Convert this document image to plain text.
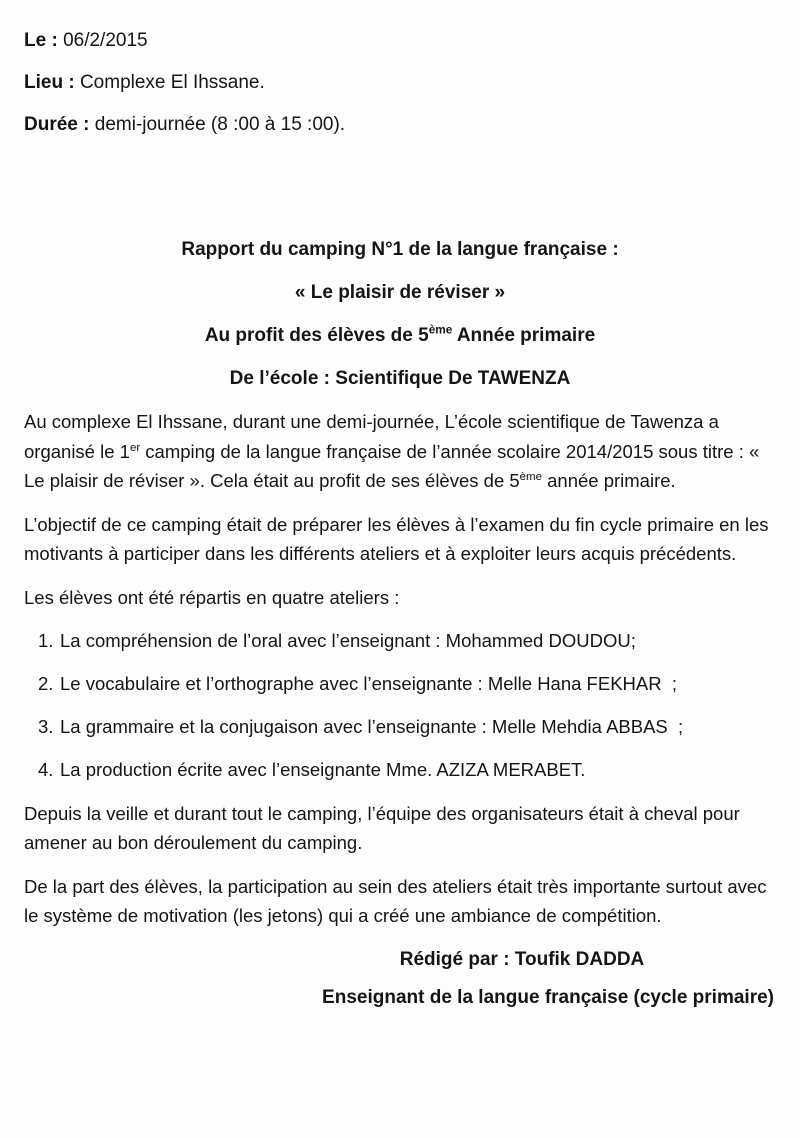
Le : 06/2/2015

Lieu : Complexe El Ihssane.

Durée : demi-journée (8 :00 à 15 :00).

Rapport du camping N°1 de la langue française :

« Le plaisir de réviser »

Au profit des élèves de 5ème Année primaire

De l’école : Scientifique De TAWENZA

Au complexe El Ihssane, durant une demi-journée, L’école scientifique de Tawenza a organisé le 1er camping de la langue française de l’année scolaire 2014/2015 sous titre : « Le plaisir de réviser ». Cela était au profit de ses élèves de 5ème année primaire.

L’objectif de ce camping était de préparer les élèves à l’examen du fin cycle primaire en les motivants à participer dans les différents ateliers et à exploiter leurs acquis précédents.

Les élèves ont été répartis en quatre ateliers :

1. La compréhension de l’oral avec l’enseignant : Mohammed DOUDOU;
2. Le vocabulaire et l’orthographe avec l’enseignante : Melle Hana FEKHAR  ;
3. La grammaire et la conjugaison avec l’enseignante : Melle Mehdia ABBAS  ;
4. La production écrite avec l’enseignante Mme. AZIZA MERABET.

Depuis la veille et durant tout le camping, l’équipe des organisateurs était à cheval pour amener au bon déroulement du camping.

De la part des élèves, la participation au sein des ateliers était très importante surtout avec le système de motivation (les jetons) qui a créé une ambiance de compétition.

Rédigé par : Toufik DADDA

Enseignant de la langue française (cycle primaire)
